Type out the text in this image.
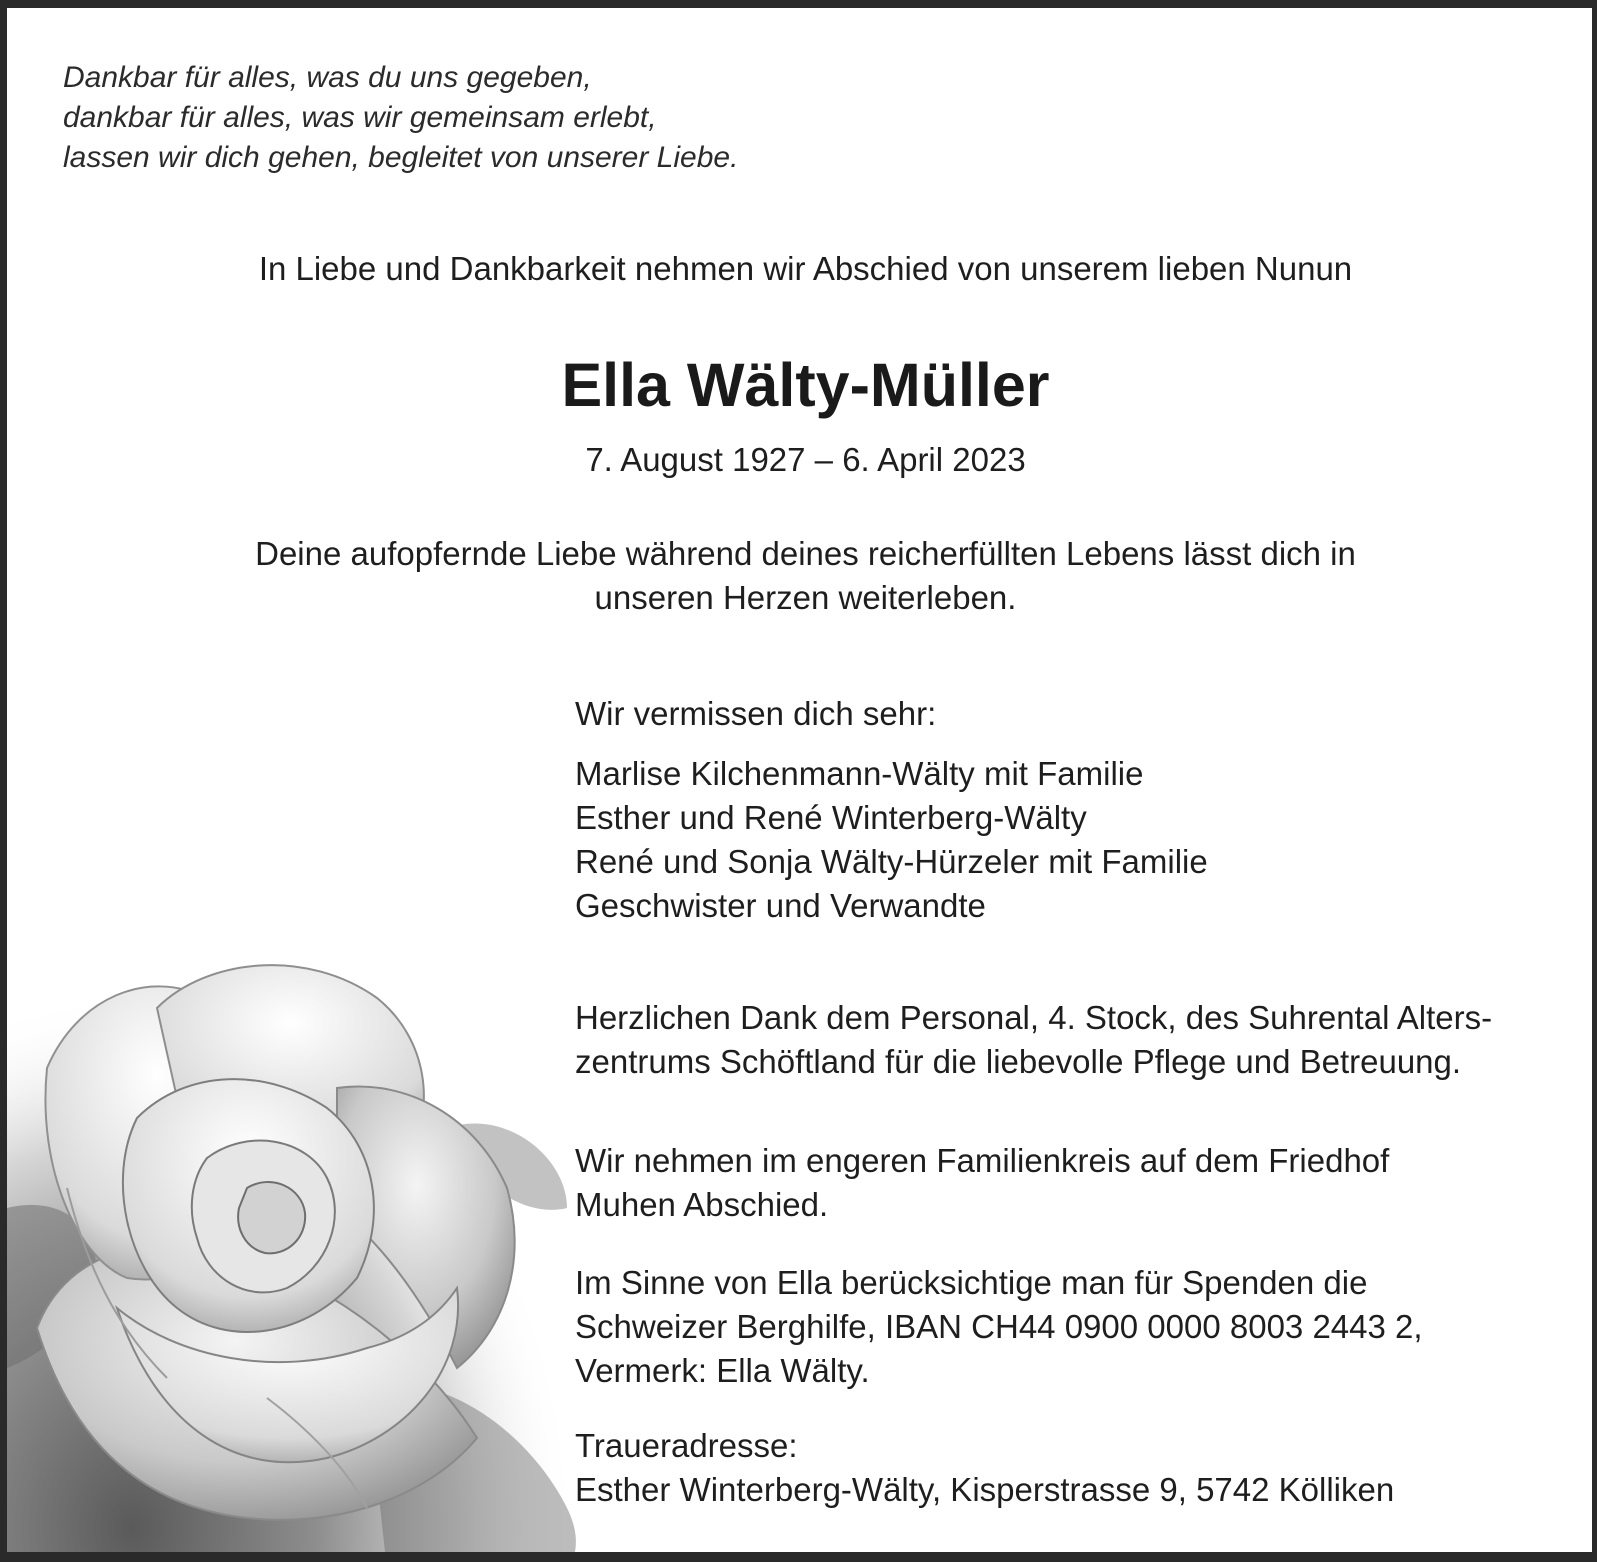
Dankbar für alles, was du uns gegeben,
dankbar für alles, was wir gemeinsam erlebt,
lassen wir dich gehen, begleitet von unserer Liebe.
In Liebe und Dankbarkeit nehmen wir Abschied von unserem lieben Nunun
Ella Wälty-Müller
7. August 1927 – 6. April 2023
Deine aufopfernde Liebe während deines reicherfüllten Lebens lässt dich in
unseren Herzen weiterleben.
Wir vermissen dich sehr:
Marlise Kilchenmann-Wälty mit Familie
Esther und René Winterberg-Wälty
René und Sonja Wälty-Hürzeler mit Familie
Geschwister und Verwandte
Herzlichen Dank dem Personal, 4. Stock, des Suhrental Alters-
zentrums Schöftland für die liebevolle Pflege und Betreuung.
Wir nehmen im engeren Familienkreis auf dem Friedhof
Muhen Abschied.
Im Sinne von Ella berücksichtige man für Spenden die
Schweizer Berghilfe, IBAN CH44 0900 0000 8003 2443 2,
Vermerk: Ella Wälty.
Traueradresse:
Esther Winterberg-Wälty, Kisperstrasse 9, 5742 Kölliken
